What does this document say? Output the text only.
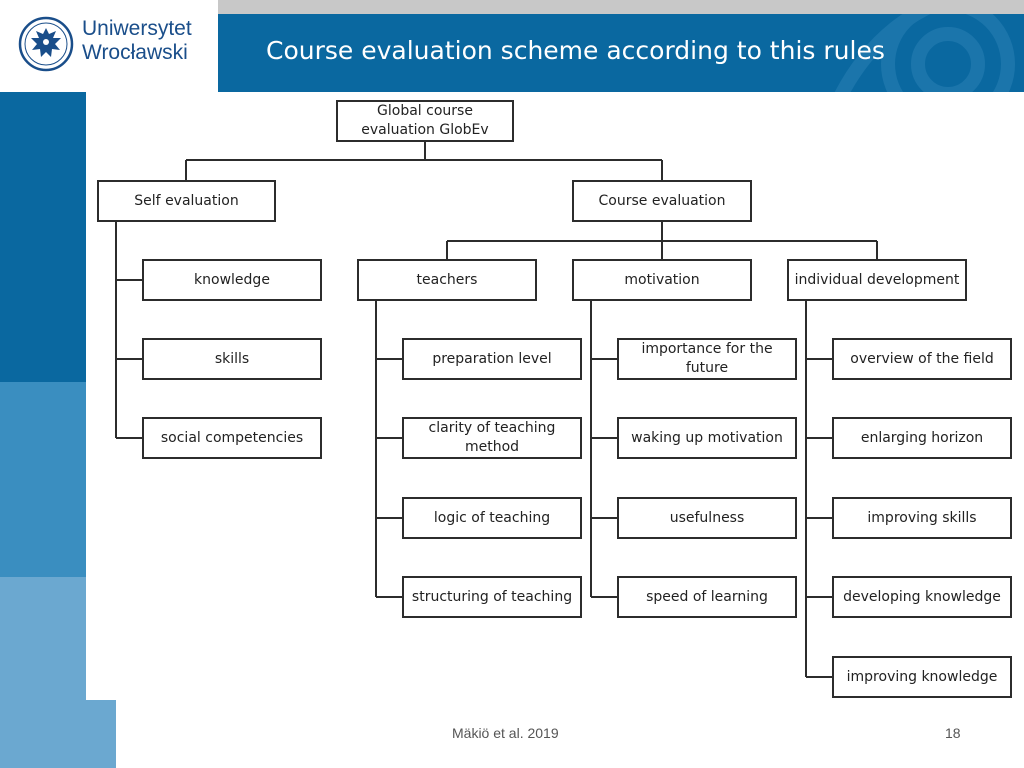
Course evaluation scheme according to this rules
Uniwersytet
Wrocławski
Global course evaluation GlobEv
Self evaluation	Course evaluation
knowledge
skills
social competencies
teachers	motivation	individual development
preparation level
clarity of teaching method
logic of teaching
structuring of teaching
importance for the future
waking up motivation
usefulness
speed of learning
overview of the field
enlarging horizon
improving skills
developing knowledge
improving knowledge
Mäkiö et al. 2019	18
